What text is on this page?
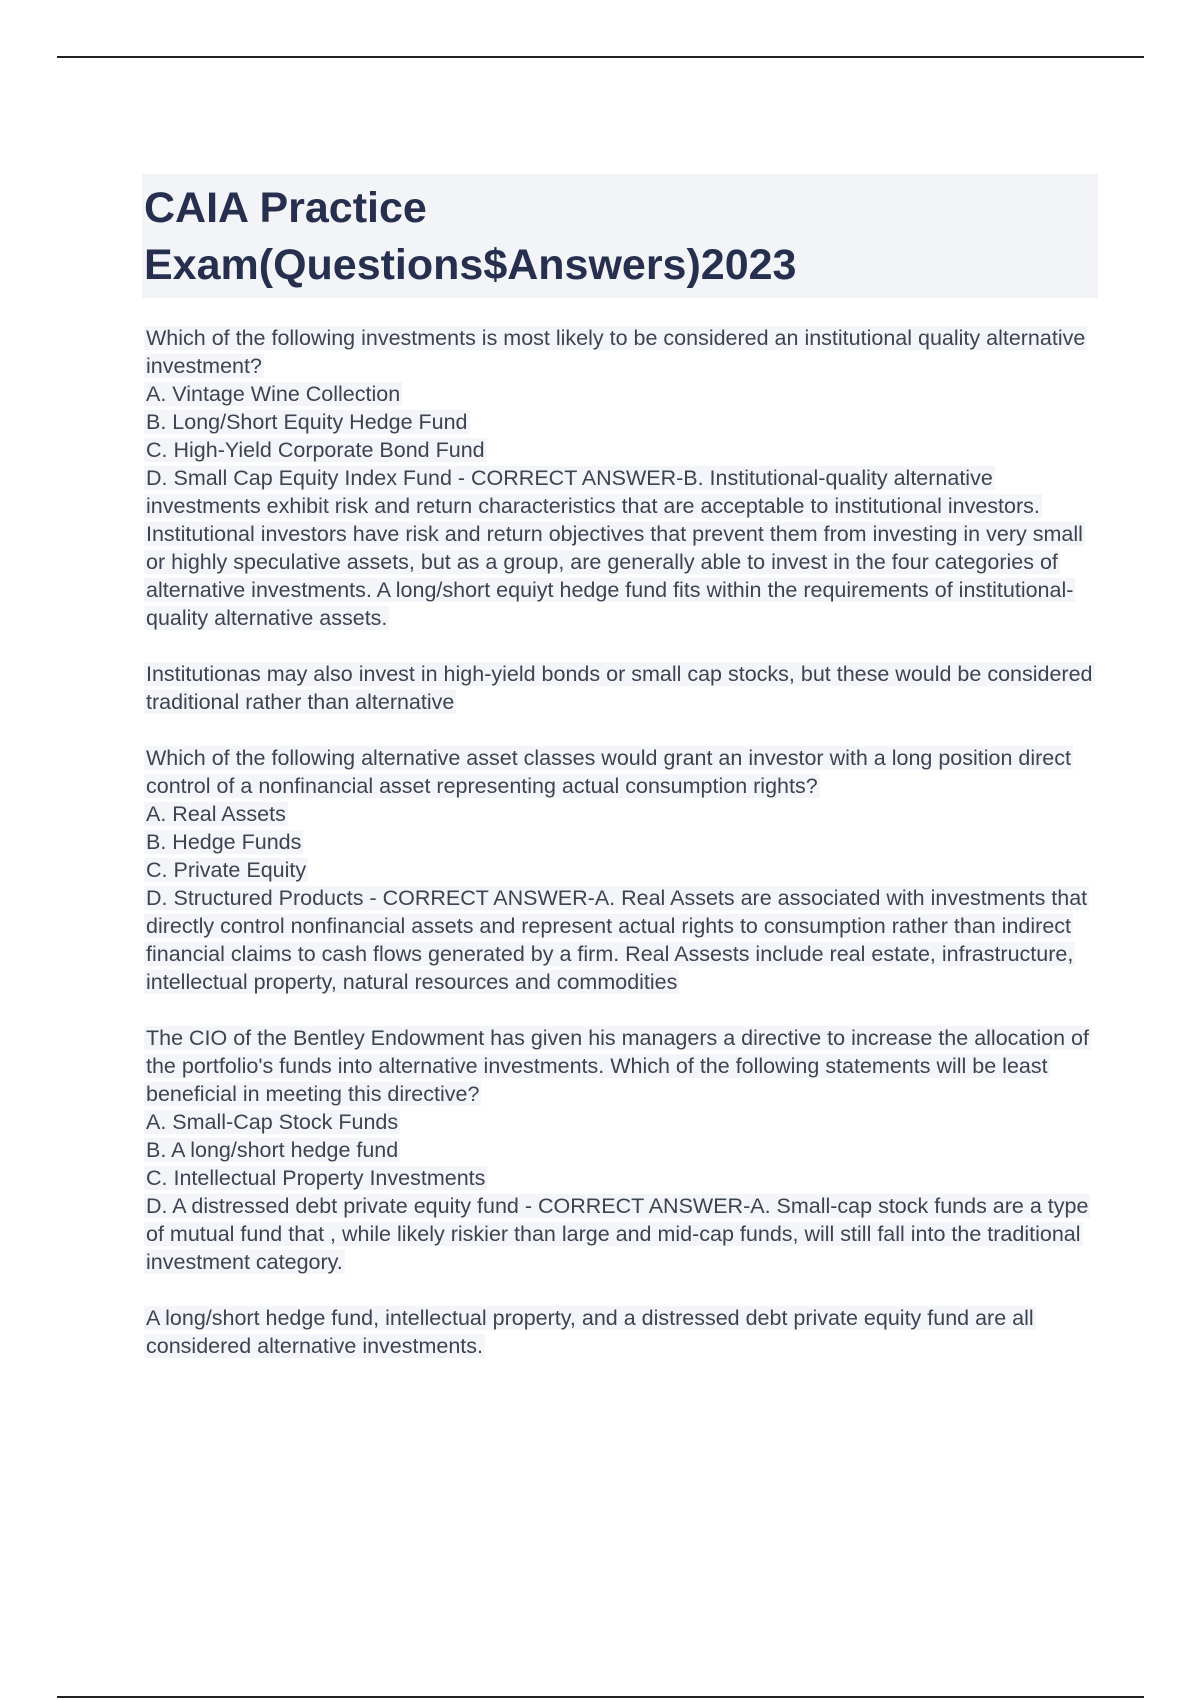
CAIA Practice Exam(Questions$Answers)2023

Which of the following investments is most likely to be considered an institutional quality alternative investment?
A. Vintage Wine Collection
B. Long/Short Equity Hedge Fund
C. High-Yield Corporate Bond Fund
D. Small Cap Equity Index Fund - CORRECT ANSWER-B. Institutional-quality alternative investments exhibit risk and return characteristics that are acceptable to institutional investors. Institutional investors have risk and return objectives that prevent them from investing in very small or highly speculative assets, but as a group, are generally able to invest in the four categories of alternative investments. A long/short equiyt hedge fund fits within the requirements of institutional-quality alternative assets.

Institutionas may also invest in high-yield bonds or small cap stocks, but these would be considered traditional rather than alternative

Which of the following alternative asset classes would grant an investor with a long position direct control of a nonfinancial asset representing actual consumption rights?
A. Real Assets
B. Hedge Funds
C. Private Equity
D. Structured Products - CORRECT ANSWER-A. Real Assets are associated with investments that directly control nonfinancial assets and represent actual rights to consumption rather than indirect financial claims to cash flows generated by a firm. Real Assests include real estate, infrastructure, intellectual property, natural resources and commodities

The CIO of the Bentley Endowment has given his managers a directive to increase the allocation of the portfolio's funds into alternative investments. Which of the following statements will be least beneficial in meeting this directive?
A. Small-Cap Stock Funds
B. A long/short hedge fund
C. Intellectual Property Investments
D. A distressed debt private equity fund - CORRECT ANSWER-A. Small-cap stock funds are a type of mutual fund that , while likely riskier than large and mid-cap funds, will still fall into the traditional investment category.

A long/short hedge fund, intellectual property, and a distressed debt private equity fund are all considered alternative investments.
